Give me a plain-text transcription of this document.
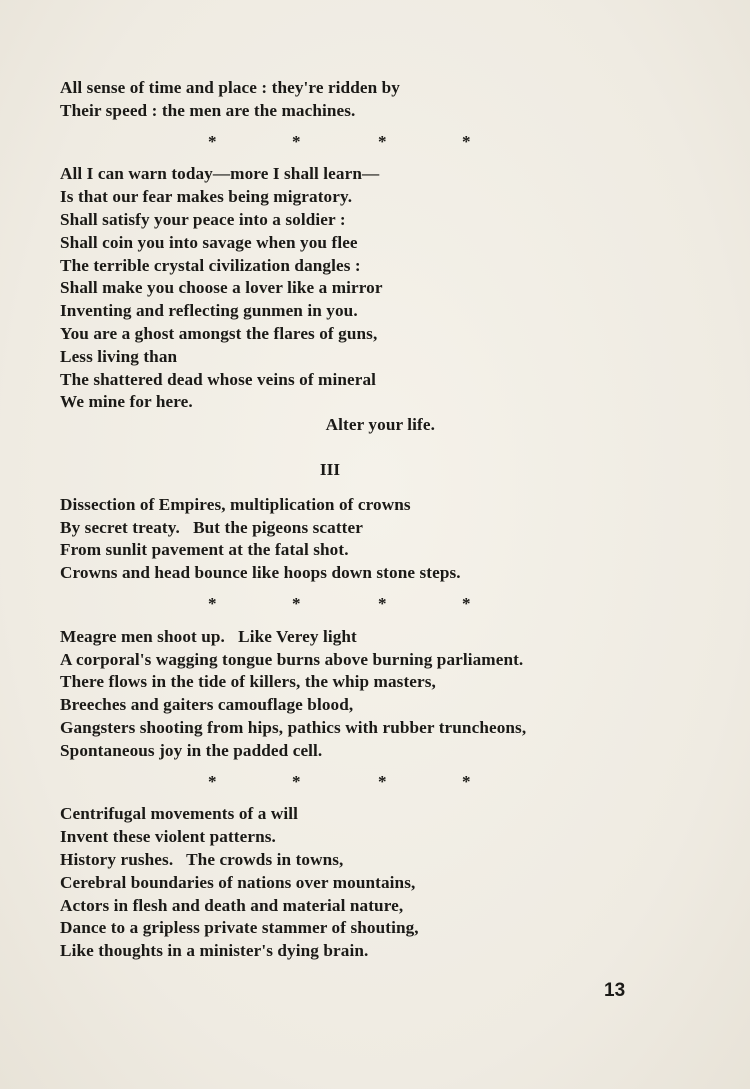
All sense of time and place : they're ridden by
Their speed : the men are the machines.
*	*	*	*
All I can warn today—more I shall learn—
Is that our fear makes being migratory.
Shall satisfy your peace into a soldier :
Shall coin you into savage when you flee
The terrible crystal civilization dangles :
Shall make you choose a lover like a mirror
Inventing and reflecting gunmen in you.
You are a ghost amongst the flares of guns,
Less living than
The shattered dead whose veins of mineral
We mine for here.
Alter your life.
III
Dissection of Empires, multiplication of crowns
By secret treaty.   But the pigeons scatter
From sunlit pavement at the fatal shot.
Crowns and head bounce like hoops down stone steps.
*	*	*	*
Meagre men shoot up.   Like Verey light
A corporal's wagging tongue burns above burning parliament.
There flows in the tide of killers, the whip masters,
Breeches and gaiters camouflage blood,
Gangsters shooting from hips, pathics with rubber truncheons,
Spontaneous joy in the padded cell.
*	*	*	*
Centrifugal movements of a will
Invent these violent patterns.
History rushes.   The crowds in towns,
Cerebral boundaries of nations over mountains,
Actors in flesh and death and material nature,
Dance to a gripless private stammer of shouting,
Like thoughts in a minister's dying brain.
13
